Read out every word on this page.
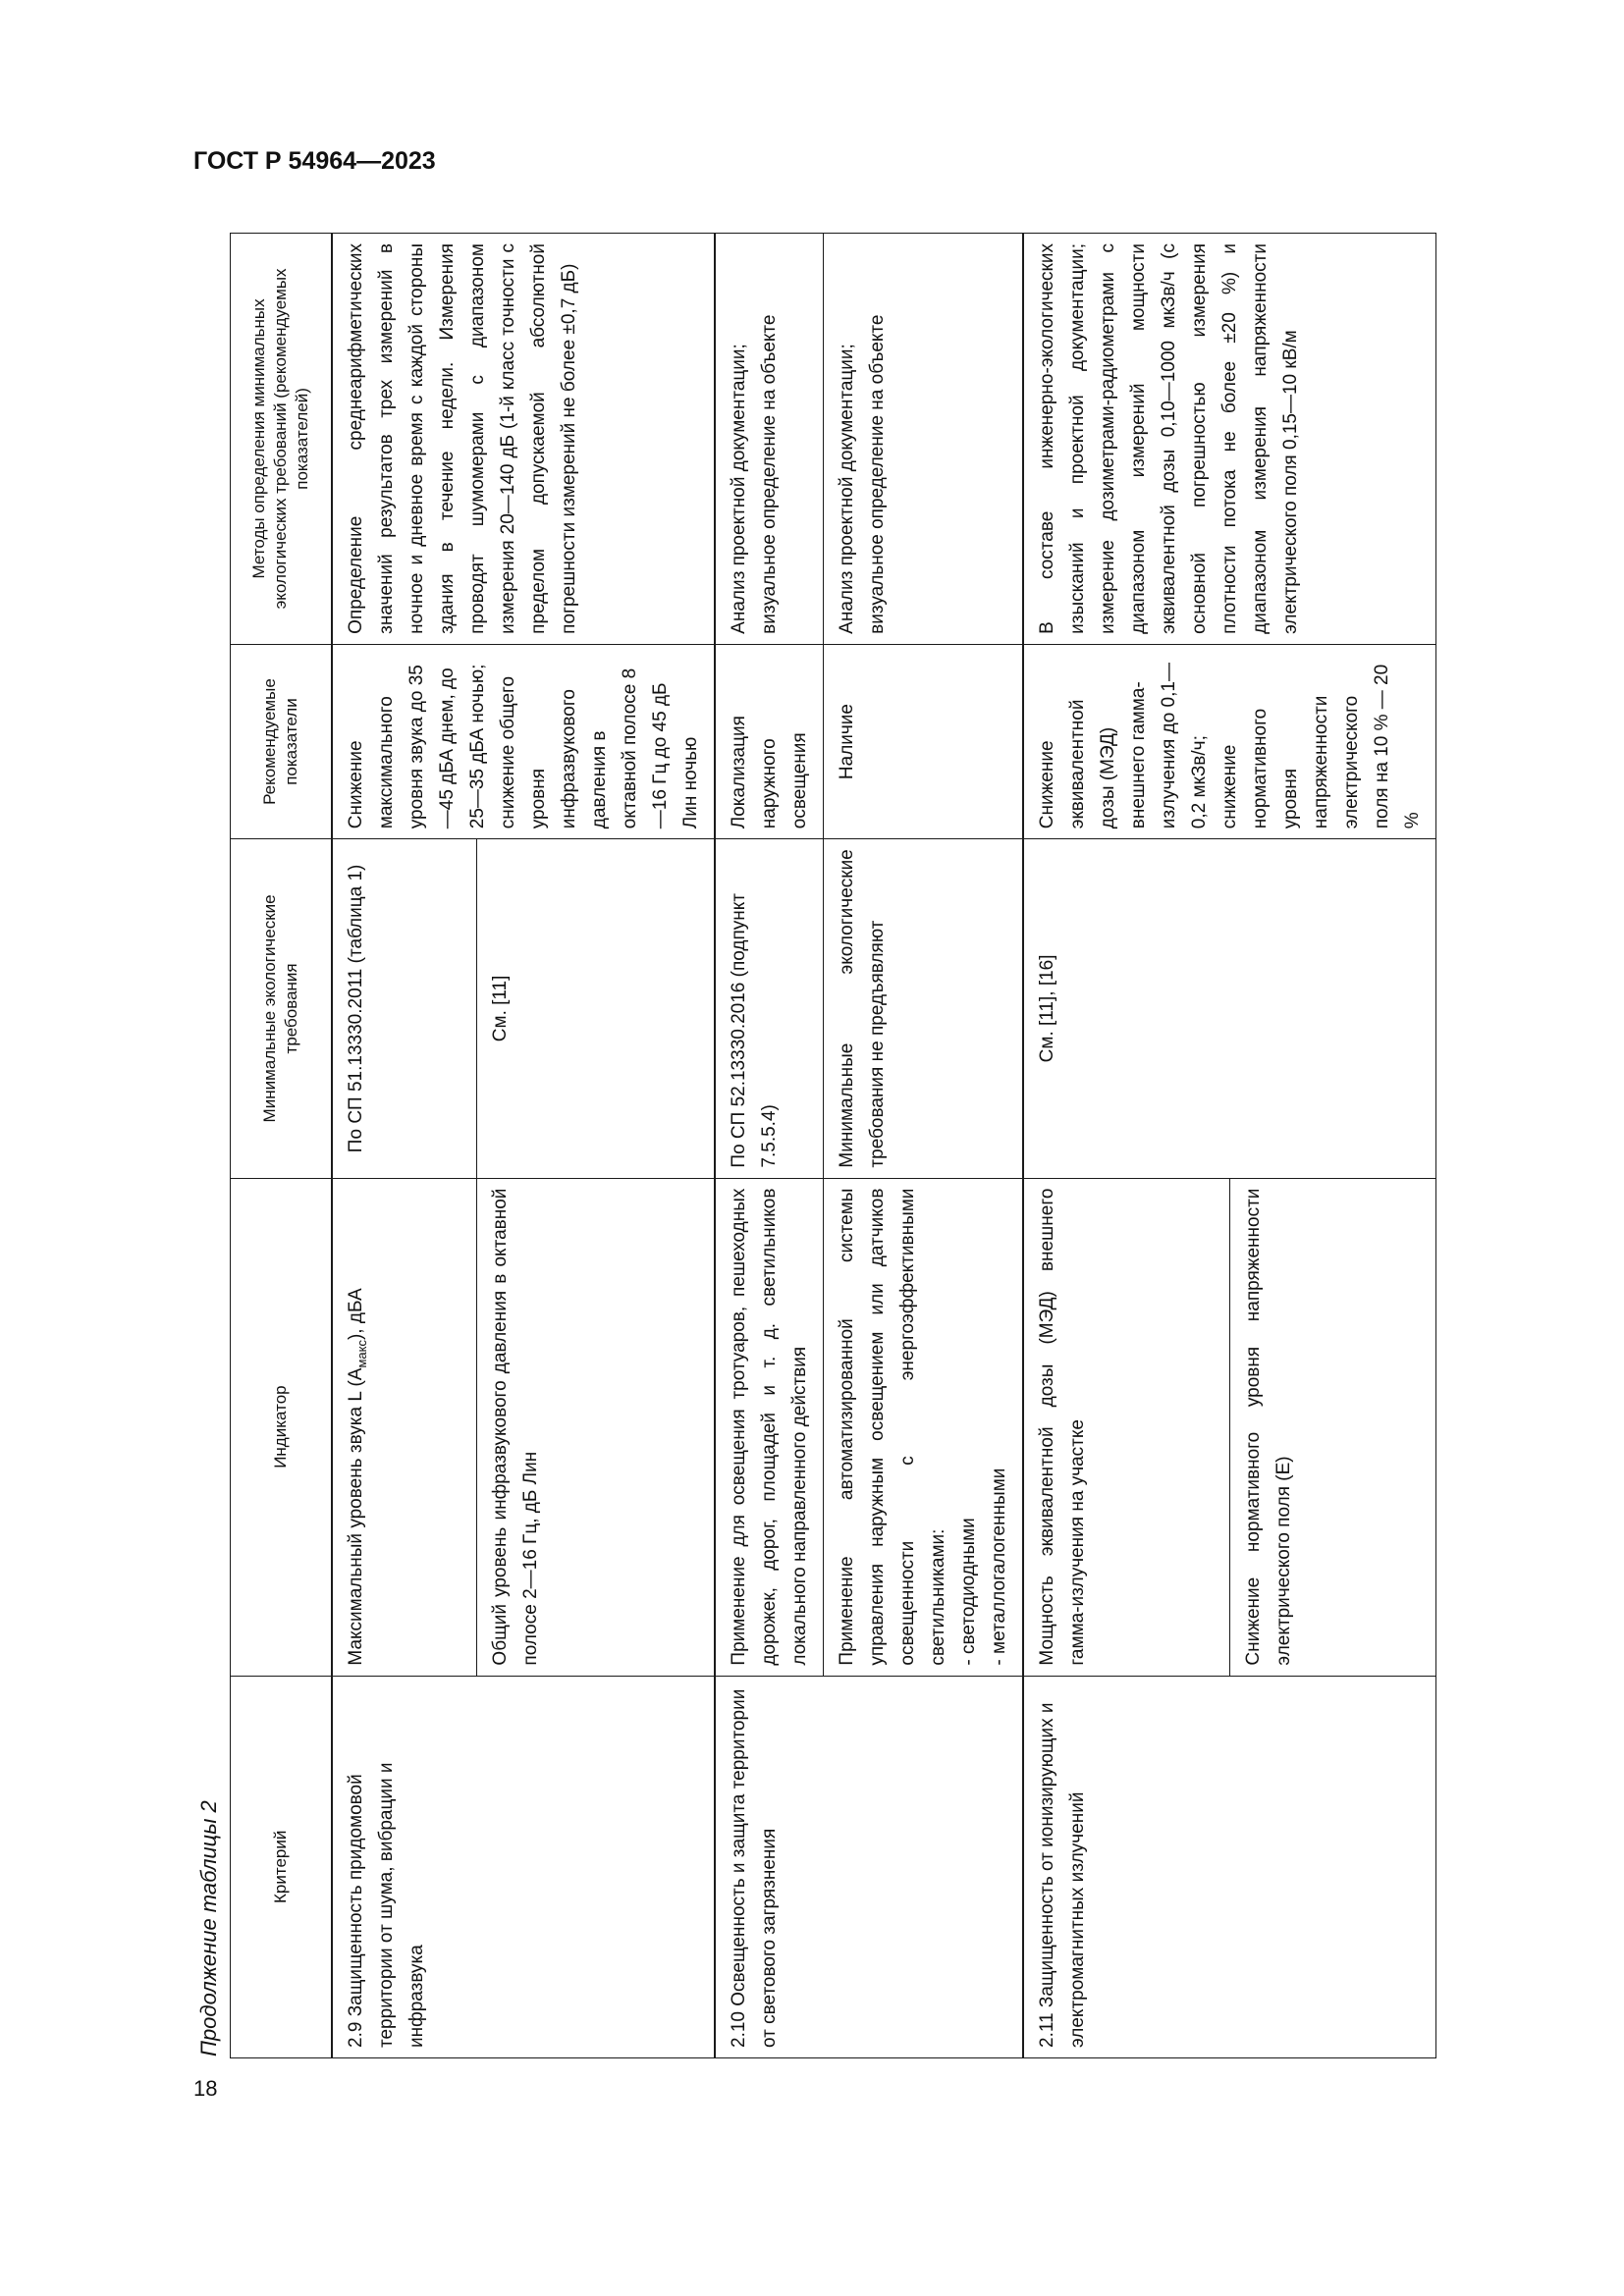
ГОСТ Р 54964—2023
18
Продолжение таблицы 2	Критерий	Индикатор	Минимальные экологические требования	Рекомендуемые показатели	Методы определения минимальных экологических требований (рекомендуемых показателей)
2.9 Защищенность придомовой территории от шума, вибрации и инфразвука	Максимальный уровень звука L $(A_{макс})$, дБА	По СП 51.13330.2011 (таблица 1)	Снижение максимального уровня звука до 35—45 дБА днем, до 25—35 дБА ночью; снижение общего уровня инфразвукового давления в октавной полосе 8—16 Гц до 45 дБ Лин ночью	Определение среднеарифметических значений результатов трех измерений в ночное и дневное время с каждой стороны здания в течение недели. Измерения проводят шумомерами с диапазоном измерения 20—140 дБ (1-й класс точности с пределом допускаемой абсолютной погрешности измерений не более ±0,7 дБ)
	Общий уровень инфразвукового давления в октавной полосе 2—16 Гц, дБ Лин	См. [11]		
2.10 Освещенность и защита территории от светового загрязнения	Применение для освещения тротуаров, пешеходных дорожек, дорог, площадей и т. д. светильников локального направленного действия	По СП 52.13330.2016 (подпункт 7.5.5.4)	Локализация наружного освещения	Анализ проектной документации; визуальное определение на объекте
	Применение автоматизированной системы управления наружным освещением или датчиков освещенности с энергоэффективными светильниками: - светодиодными - металлогалогенными	Минимальные экологические требования не предъявляют	Наличие	Анализ проектной документации; визуальное определение на объекте
2.11 Защищенность от ионизирующих и электромагнитных излучений	Мощность эквивалентной дозы (МЭД) внешнего гамма-излучения на участке	См. [11], [16]	Снижение эквивалентной дозы (МЭД) внешнего гамма-излучения до 0,1—0,2 мкЗв/ч; снижение нормативного уровня напряженности электрического поля на 10 % — 20 %	В составе инженерно-экологических изысканий и проектной документации; измерение дозиметрами-радиометрами с диапазоном измерений мощности эквивалентной дозы 0,10—1000 мкЗв/ч (с основной погрешностью измерения плотности потока не более ±20 %) и диапазоном измерения напряженности электрического поля 0,15—10 кВ/м
	Снижение нормативного уровня напряженности электрического поля (E)			
